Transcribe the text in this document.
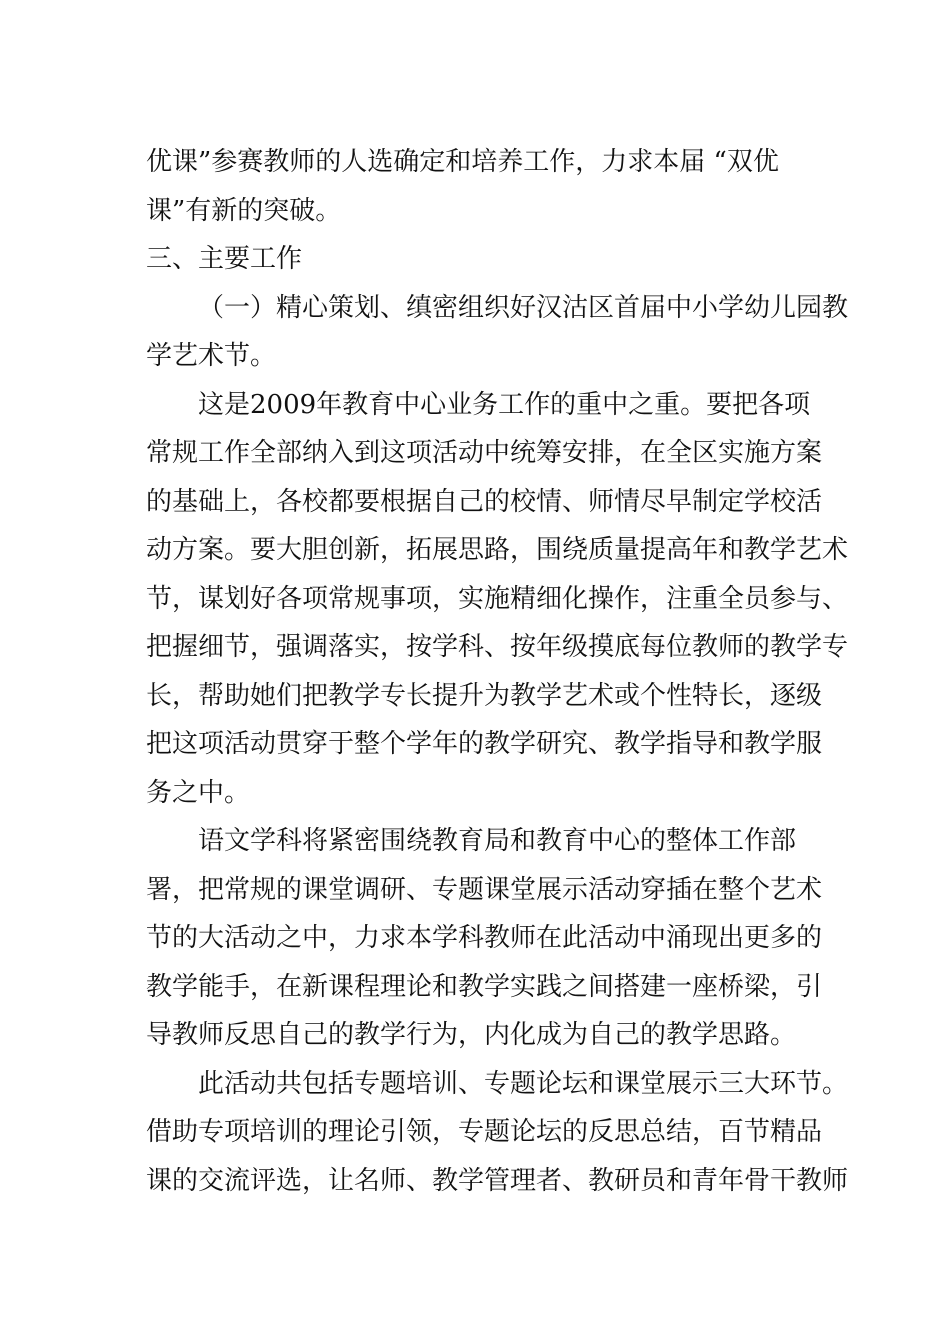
优课”参赛教师的人选确定和培养工作，力求本届 “双优
课”有新的突破。
三、主要工作
（一）精心策划、缜密组织好汉沽区首届中小学幼儿园教
学艺术节。
这是2009年教育中心业务工作的重中之重。要把各项
常规工作全部纳入到这项活动中统筹安排，在全区实施方案
的基础上，各校都要根据自己的校情、师情尽早制定学校活
动方案。要大胆创新，拓展思路，围绕质量提高年和教学艺术
节，谋划好各项常规事项，实施精细化操作，注重全员参与、
把握细节，强调落实，按学科、按年级摸底每位教师的教学专
长，帮助她们把教学专长提升为教学艺术或个性特长，逐级
把这项活动贯穿于整个学年的教学研究、教学指导和教学服
务之中。
语文学科将紧密围绕教育局和教育中心的整体工作部
署，把常规的课堂调研、专题课堂展示活动穿插在整个艺术
节的大活动之中，力求本学科教师在此活动中涌现出更多的
教学能手，在新课程理论和教学实践之间搭建一座桥梁，引
导教师反思自己的教学行为，内化成为自己的教学思路。
此活动共包括专题培训、专题论坛和课堂展示三大环节。
借助专项培训的理论引领，专题论坛的反思总结，百节精品
课的交流评选，让名师、教学管理者、教研员和青年骨干教师
